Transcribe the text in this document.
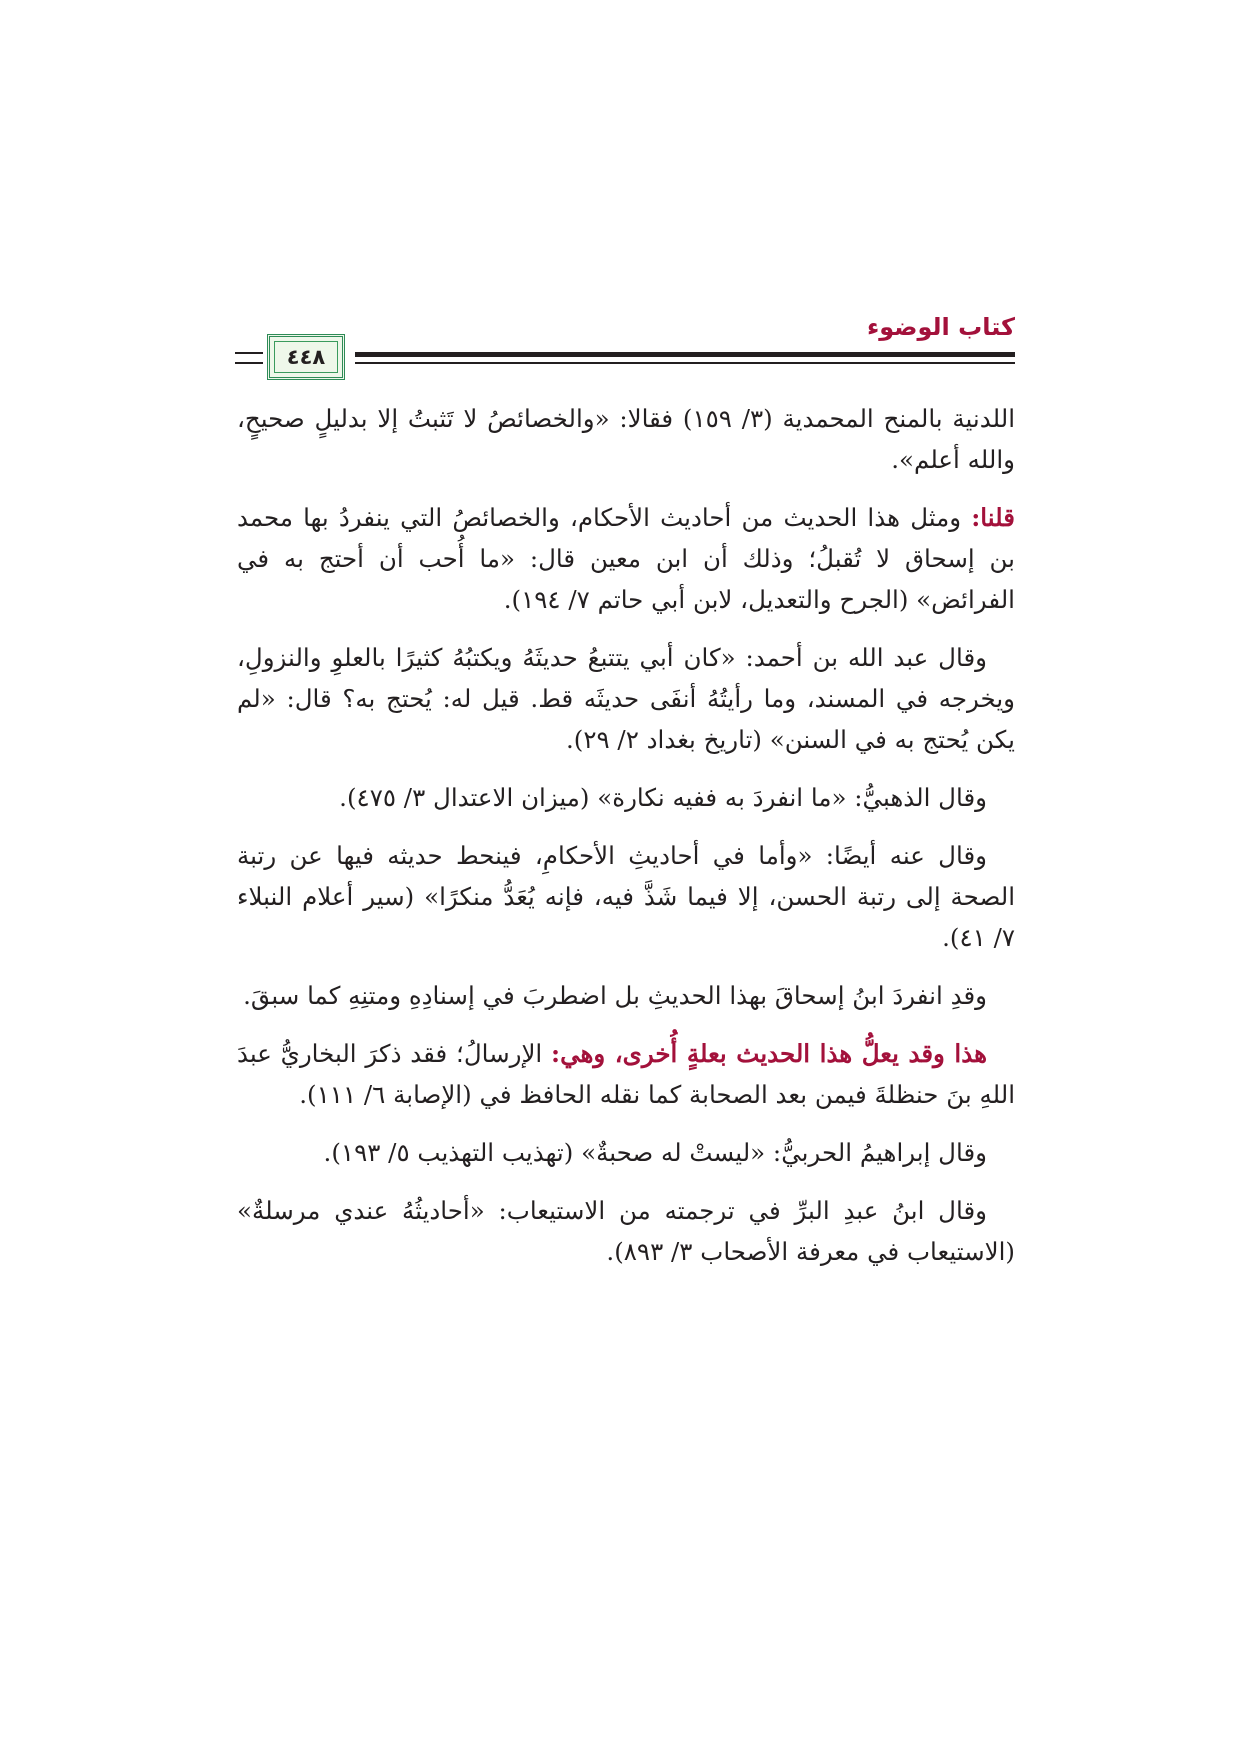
كتاب الوضوء
٤٤٨

اللدنية بالمنح المحمدية (٣/ ١٥٩) فقالا: «والخصائصُ لا تَثبتُ إلا بدليلٍ صحيحٍ، والله أعلم».

قلنا: ومثل هذا الحديث من أحاديث الأحكام، والخصائصُ التي ينفردُ بها محمد بن إسحاق لا تُقبلُ؛ وذلك أن ابن معين قال: «ما أُحب أن أحتج به في الفرائض» (الجرح والتعديل، لابن أبي حاتم ٧/ ١٩٤).

وقال عبد الله بن أحمد: «كان أبي يتتبعُ حديثَهُ ويكتبُهُ كثيرًا بالعلوِ والنزولِ، ويخرجه في المسند، وما رأيتُهُ أنفَى حديثَه قط. قيل له: يُحتج به؟ قال: «لم يكن يُحتج به في السنن» (تاريخ بغداد ٢/ ٢٩).

وقال الذهبيُّ: «ما انفردَ به ففيه نكارة» (ميزان الاعتدال ٣/ ٤٧٥).

وقال عنه أيضًا: «وأما في أحاديثِ الأحكامِ، فينحط حديثه فيها عن رتبة الصحة إلى رتبة الحسن، إلا فيما شَذَّ فيه، فإنه يُعَدُّ منكرًا» (سير أعلام النبلاء ٧/ ٤١).

وقدِ انفردَ ابنُ إسحاقَ بهذا الحديثِ بل اضطربَ في إسنادِهِ ومتنِهِ كما سبقَ.

هذا وقد يعلُّ هذا الحديث بعلةٍ أُخرى، وهي: الإرسالُ؛ فقد ذكرَ البخاريُّ عبدَ اللهِ بنَ حنظلةَ فيمن بعد الصحابة كما نقله الحافظ في (الإصابة ٦/ ١١١).

وقال إبراهيمُ الحربيُّ: «ليستْ له صحبةٌ» (تهذيب التهذيب ٥/ ١٩٣).

وقال ابنُ عبدِ البرِّ في ترجمته من الاستيعاب: «أحاديثُهُ عندي مرسلةٌ» (الاستيعاب في معرفة الأصحاب ٣/ ٨٩٣).
